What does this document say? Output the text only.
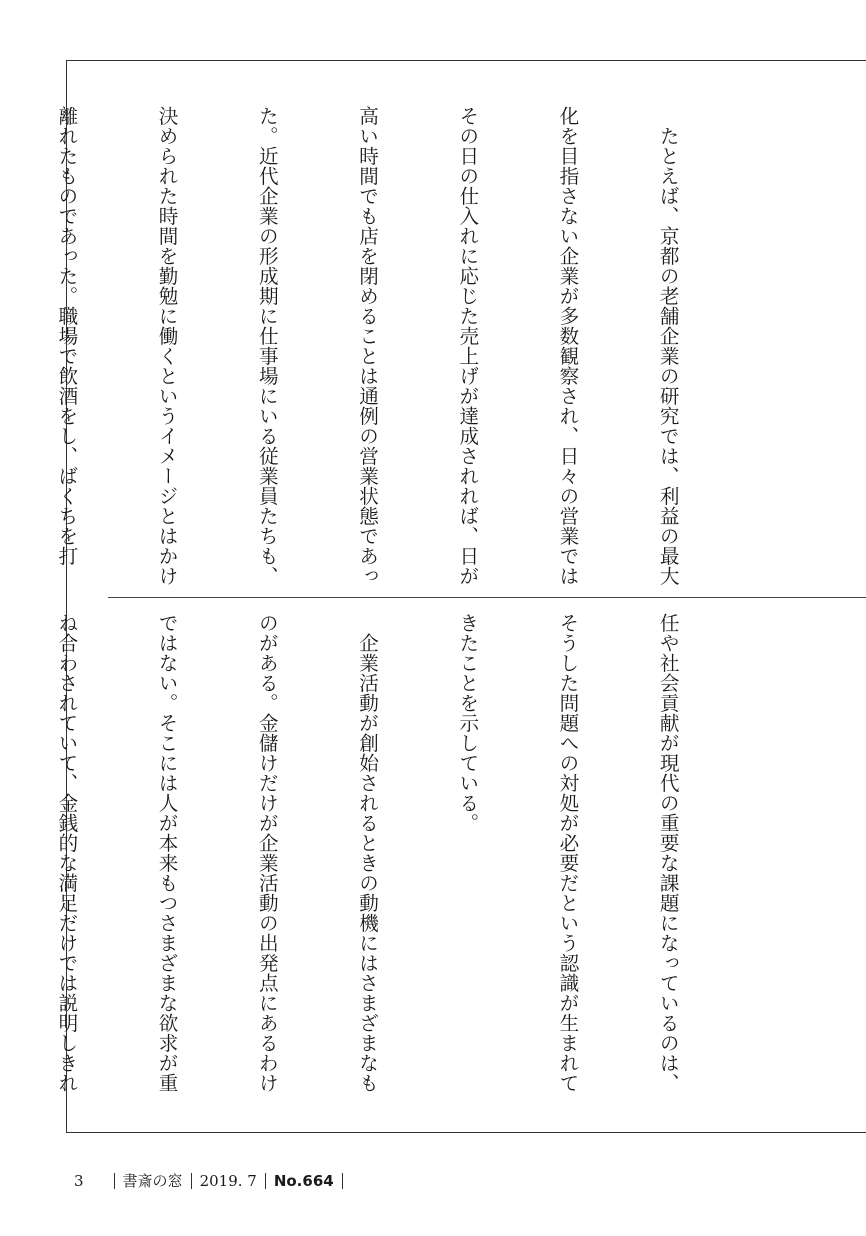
　たとえば、京都の老舗企業の研究では、利益の最大

化を目指さない企業が多数観察され、日々の営業では

その日の仕入れに応じた売上げが達成されれば、日が

高い時間でも店を閉めることは通例の営業状態であっ

た。近代企業の形成期に仕事場にいる従業員たちも、

決められた時間を勤勉に働くというイメージとはかけ

離れたものであった。職場で飲酒をし、ばくちを打

任や社会貢献が現代の重要な課題になっているのは、

そうした問題への対処が必要だという認識が生まれて

きたことを示している。

　企業活動が創始されるときの動機にはさまざまなも

のがある。金儲けだけが企業活動の出発点にあるわけ

ではない。そこには人が本来もつさまざまな欲求が重

ね合わされていて、金銭的な満足だけでは説明しきれ

3	書斎の窓 2019. 7 No.664
